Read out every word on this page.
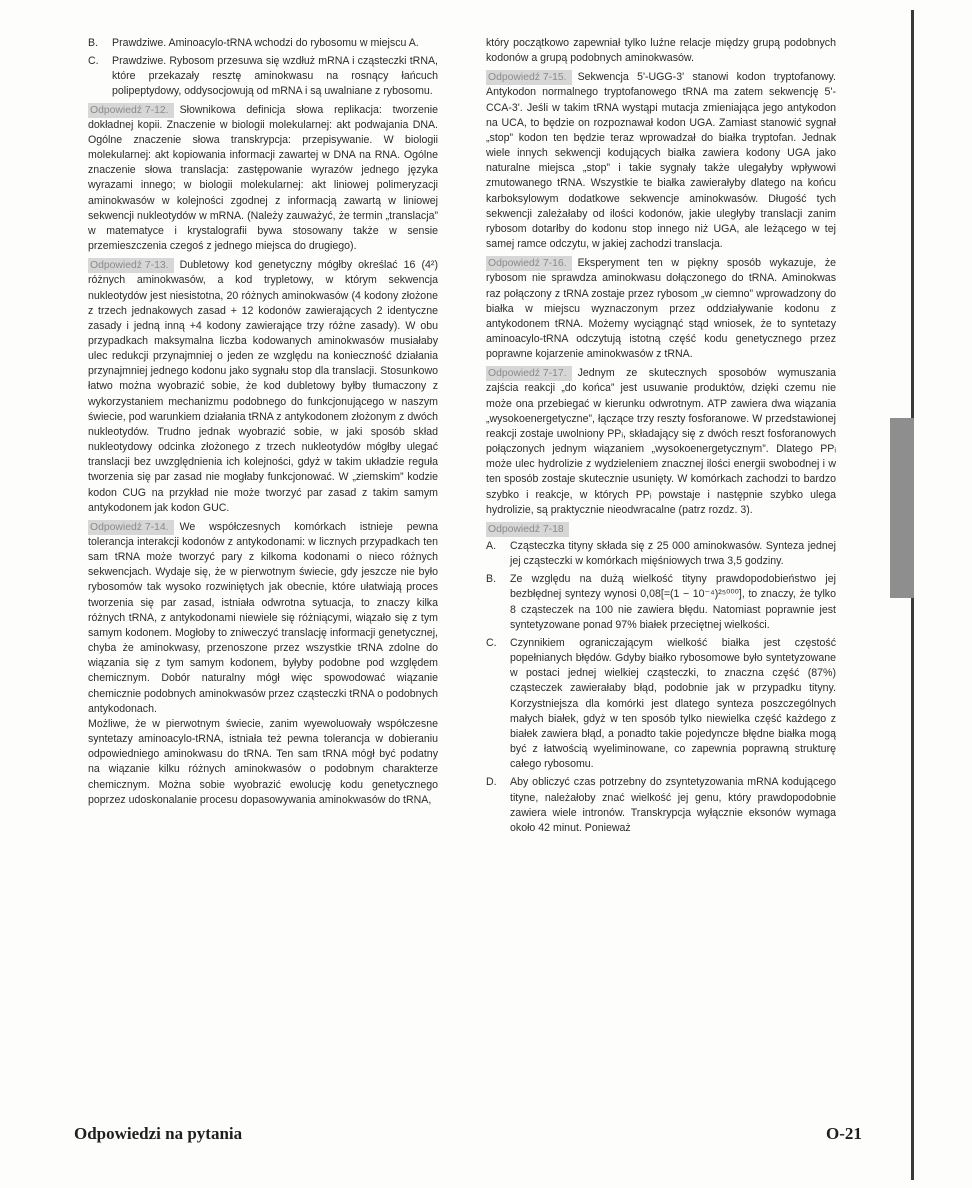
B.	Prawdziwe. Aminoacylo-tRNA wchodzi do rybosomu w miejscu A.
C.	Prawdziwe. Rybosom przesuwa się wzdłuż mRNA i cząsteczki tRNA, które przekazały resztę aminokwasu na rosnący łańcuch polipeptydowy, oddysocjowują od mRNA i są uwalniane z rybosomu.

Odpowiedź 7-12. Słownikowa definicja słowa replikacja: tworzenie dokładnej kopii. Znaczenie w biologii molekularnej: akt podwajania DNA. Ogólne znaczenie słowa transkrypcja: przepisywanie. W biologii molekularnej: akt kopiowania informacji zawartej w DNA na RNA. Ogólne znaczenie słowa translacja: zastępowanie wyrazów jednego języka wyrazami innego; w biologii molekularnej: akt liniowej polimeryzacji aminokwasów w kolejności zgodnej z informacją zawartą w liniowej sekwencji nukleotydów w mRNA. (Należy zauważyć, że termin „translacja” w matematyce i krystalografii bywa stosowany także w sensie przemieszczenia czegoś z jednego miejsca do drugiego).

Odpowiedź 7-13. Dubletowy kod genetyczny mógłby określać 16 (4²) różnych aminokwasów, a kod trypletowy, w którym sekwencja nukleotydów jest niesistotna, 20 różnych aminokwasów (4 kodony złożone z trzech jednakowych zasad + 12 kodonów zawierających 2 identyczne zasady i jedną inną +4 kodony zawierające trzy różne zasady). W obu przypadkach maksymalna liczba kodowanych aminokwasów musiałaby ulec redukcji przynajmniej o jeden ze względu na konieczność działania przynajmniej jednego kodonu jako sygnału stop dla translacji. Stosunkowo łatwo można wyobrazić sobie, że kod dubletowy byłby tłumaczony z wykorzystaniem mechanizmu podobnego do funkcjonującego w naszym świecie, pod warunkiem działania tRNA z antykodonem złożonym z dwóch nukleotydów. Trudno jednak wyobrazić sobie, w jaki sposób skład nukleotydowy odcinka złożonego z trzech nukleotydów mógłby ulegać translacji bez uwzględnienia ich kolejności, gdyż w takim układzie reguła tworzenia się par zasad nie mogłaby funkcjonować. W „ziemskim” kodzie kodon CUG na przykład nie może tworzyć par zasad z takim samym antykodonem jak kodon GUC.

Odpowiedź 7-14. We współczesnych komórkach istnieje pewna tolerancja interakcji kodonów z antykodonami: w licznych przypadkach ten sam tRNA może tworzyć pary z kilkoma kodonami o nieco różnych sekwencjach. Wydaje się, że w pierwotnym świecie, gdy jeszcze nie było rybosomów tak wysoko rozwiniętych jak obecnie, które ułatwiają proces tworzenia się par zasad, istniała odwrotna sytuacja, to znaczy kilka różnych tRNA, z antykodonami niewiele się różniącymi, wiązało się z tym samym kodonem. Mogłoby to zniweczyć translację informacji genetycznej, chyba że aminokwasy, przenoszone przez wszystkie tRNA zdolne do wiązania się z tym samym kodonem, byłyby podobne pod względem chemicznym. Dobór naturalny mógł więc spowodować wiązanie chemicznie podobnych aminokwasów przez cząsteczki tRNA o podobnych antykodonach.

Możliwe, że w pierwotnym świecie, zanim wyewoluowały współczesne syntetazy aminoacylo-tRNA, istniała też pewna tolerancja w dobieraniu odpowiedniego aminokwasu do tRNA. Ten sam tRNA mógł być podatny na wiązanie kilku różnych aminokwasów o podobnym charakterze chemicznym. Można sobie wyobrazić ewolucję kodu genetycznego poprzez udoskonalanie procesu dopasowywania aminokwasów do tRNA,

który początkowo zapewniał tylko luźne relacje między grupą podobnych kodonów a grupą podobnych aminokwasów.

Odpowiedź 7-15. Sekwencja 5'-UGG-3' stanowi kodon tryptofanowy. Antykodon normalnego tryptofanowego tRNA ma zatem sekwencję 5'-CCA-3'. Jeśli w takim tRNA wystąpi mutacja zmieniająca jego antykodon na UCA, to będzie on rozpoznawał kodon UGA. Zamiast stanowić sygnał „stop” kodon ten będzie teraz wprowadzał do białka tryptofan. Jednak wiele innych sekwencji kodujących białka zawiera kodony UGA jako naturalne miejsca „stop” i takie sygnały także ulegałyby wpływowi zmutowanego tRNA. Wszystkie te białka zawierałyby dlatego na końcu karboksylowym dodatkowe sekwencje aminokwasów. Długość tych sekwencji zależałaby od ilości kodonów, jakie uległyby translacji zanim rybosom dotarłby do kodonu stop innego niż UGA, ale leżącego w tej samej ramce odczytu, w jakiej zachodzi translacja.

Odpowiedź 7-16. Eksperyment ten w piękny sposób wykazuje, że rybosom nie sprawdza aminokwasu dołączonego do tRNA. Aminokwas raz połączony z tRNA zostaje przez rybosom „w ciemno” wprowadzony do białka w miejscu wyznaczonym przez oddziaływanie kodonu z antykodonem tRNA. Możemy wyciągnąć stąd wniosek, że to syntetazy aminoacylo-tRNA odczytują istotną część kodu genetycznego przez poprawne kojarzenie aminokwasów z tRNA.

Odpowiedź 7-17. Jednym ze skutecznych sposobów wymuszania zajścia reakcji „do końca” jest usuwanie produktów, dzięki czemu nie może ona przebiegać w kierunku odwrotnym. ATP zawiera dwa wiązania „wysokoenergetyczne”, łączące trzy reszty fosforanowe. W przedstawionej reakcji zostaje uwolniony PPᵢ, składający się z dwóch reszt fosforanowych połączonych jednym wiązaniem „wysokoenergetycznym”. Dlatego PPᵢ może ulec hydrolizie z wydzieleniem znacznej ilości energii swobodnej i w ten sposób zostaje skutecznie usunięty. W komórkach zachodzi to bardzo szybko i reakcje, w których PPᵢ powstaje i następnie szybko ulega hydrolizie, są praktycznie nieodwracalne (patrz rozdz. 3).

Odpowiedź 7-18
A.	Cząsteczka tityny składa się z 25 000 aminokwasów. Synteza jednej jej cząsteczki w komórkach mięśniowych trwa 3,5 godziny.
B.	Ze względu na dużą wielkość tityny prawdopodobieństwo jej bezbłędnej syntezy wynosi 0,08[=(1 − 10⁻⁴)²⁵⁰⁰⁰], to znaczy, że tylko 8 cząsteczek na 100 nie zawiera błędu. Natomiast poprawnie jest syntetyzowane ponad 97% białek przeciętnej wielkości.
C.	Czynnikiem ograniczającym wielkość białka jest częstość popełnianych błędów. Gdyby białko rybosomowe było syntetyzowane w postaci jednej wielkiej cząsteczki, to znaczna część (87%) cząsteczek zawierałaby błąd, podobnie jak w przypadku tityny. Korzystniejsza dla komórki jest dlatego synteza poszczególnych małych białek, gdyż w ten sposób tylko niewielka część każdego z białek zawiera błąd, a ponadto takie pojedyncze błędne białka mogą być z łatwością wyeliminowane, co zapewnia poprawną strukturę całego rybosomu.
D.	Aby obliczyć czas potrzebny do zsyntetyzowania mRNA kodującego tityne, należałoby znać wielkość jej genu, który prawdopodobnie zawiera wiele intronów. Transkrypcja wyłącznie eksonów wymaga około 42 minut. Ponieważ
Odpowiedzi na pytania	O-21
